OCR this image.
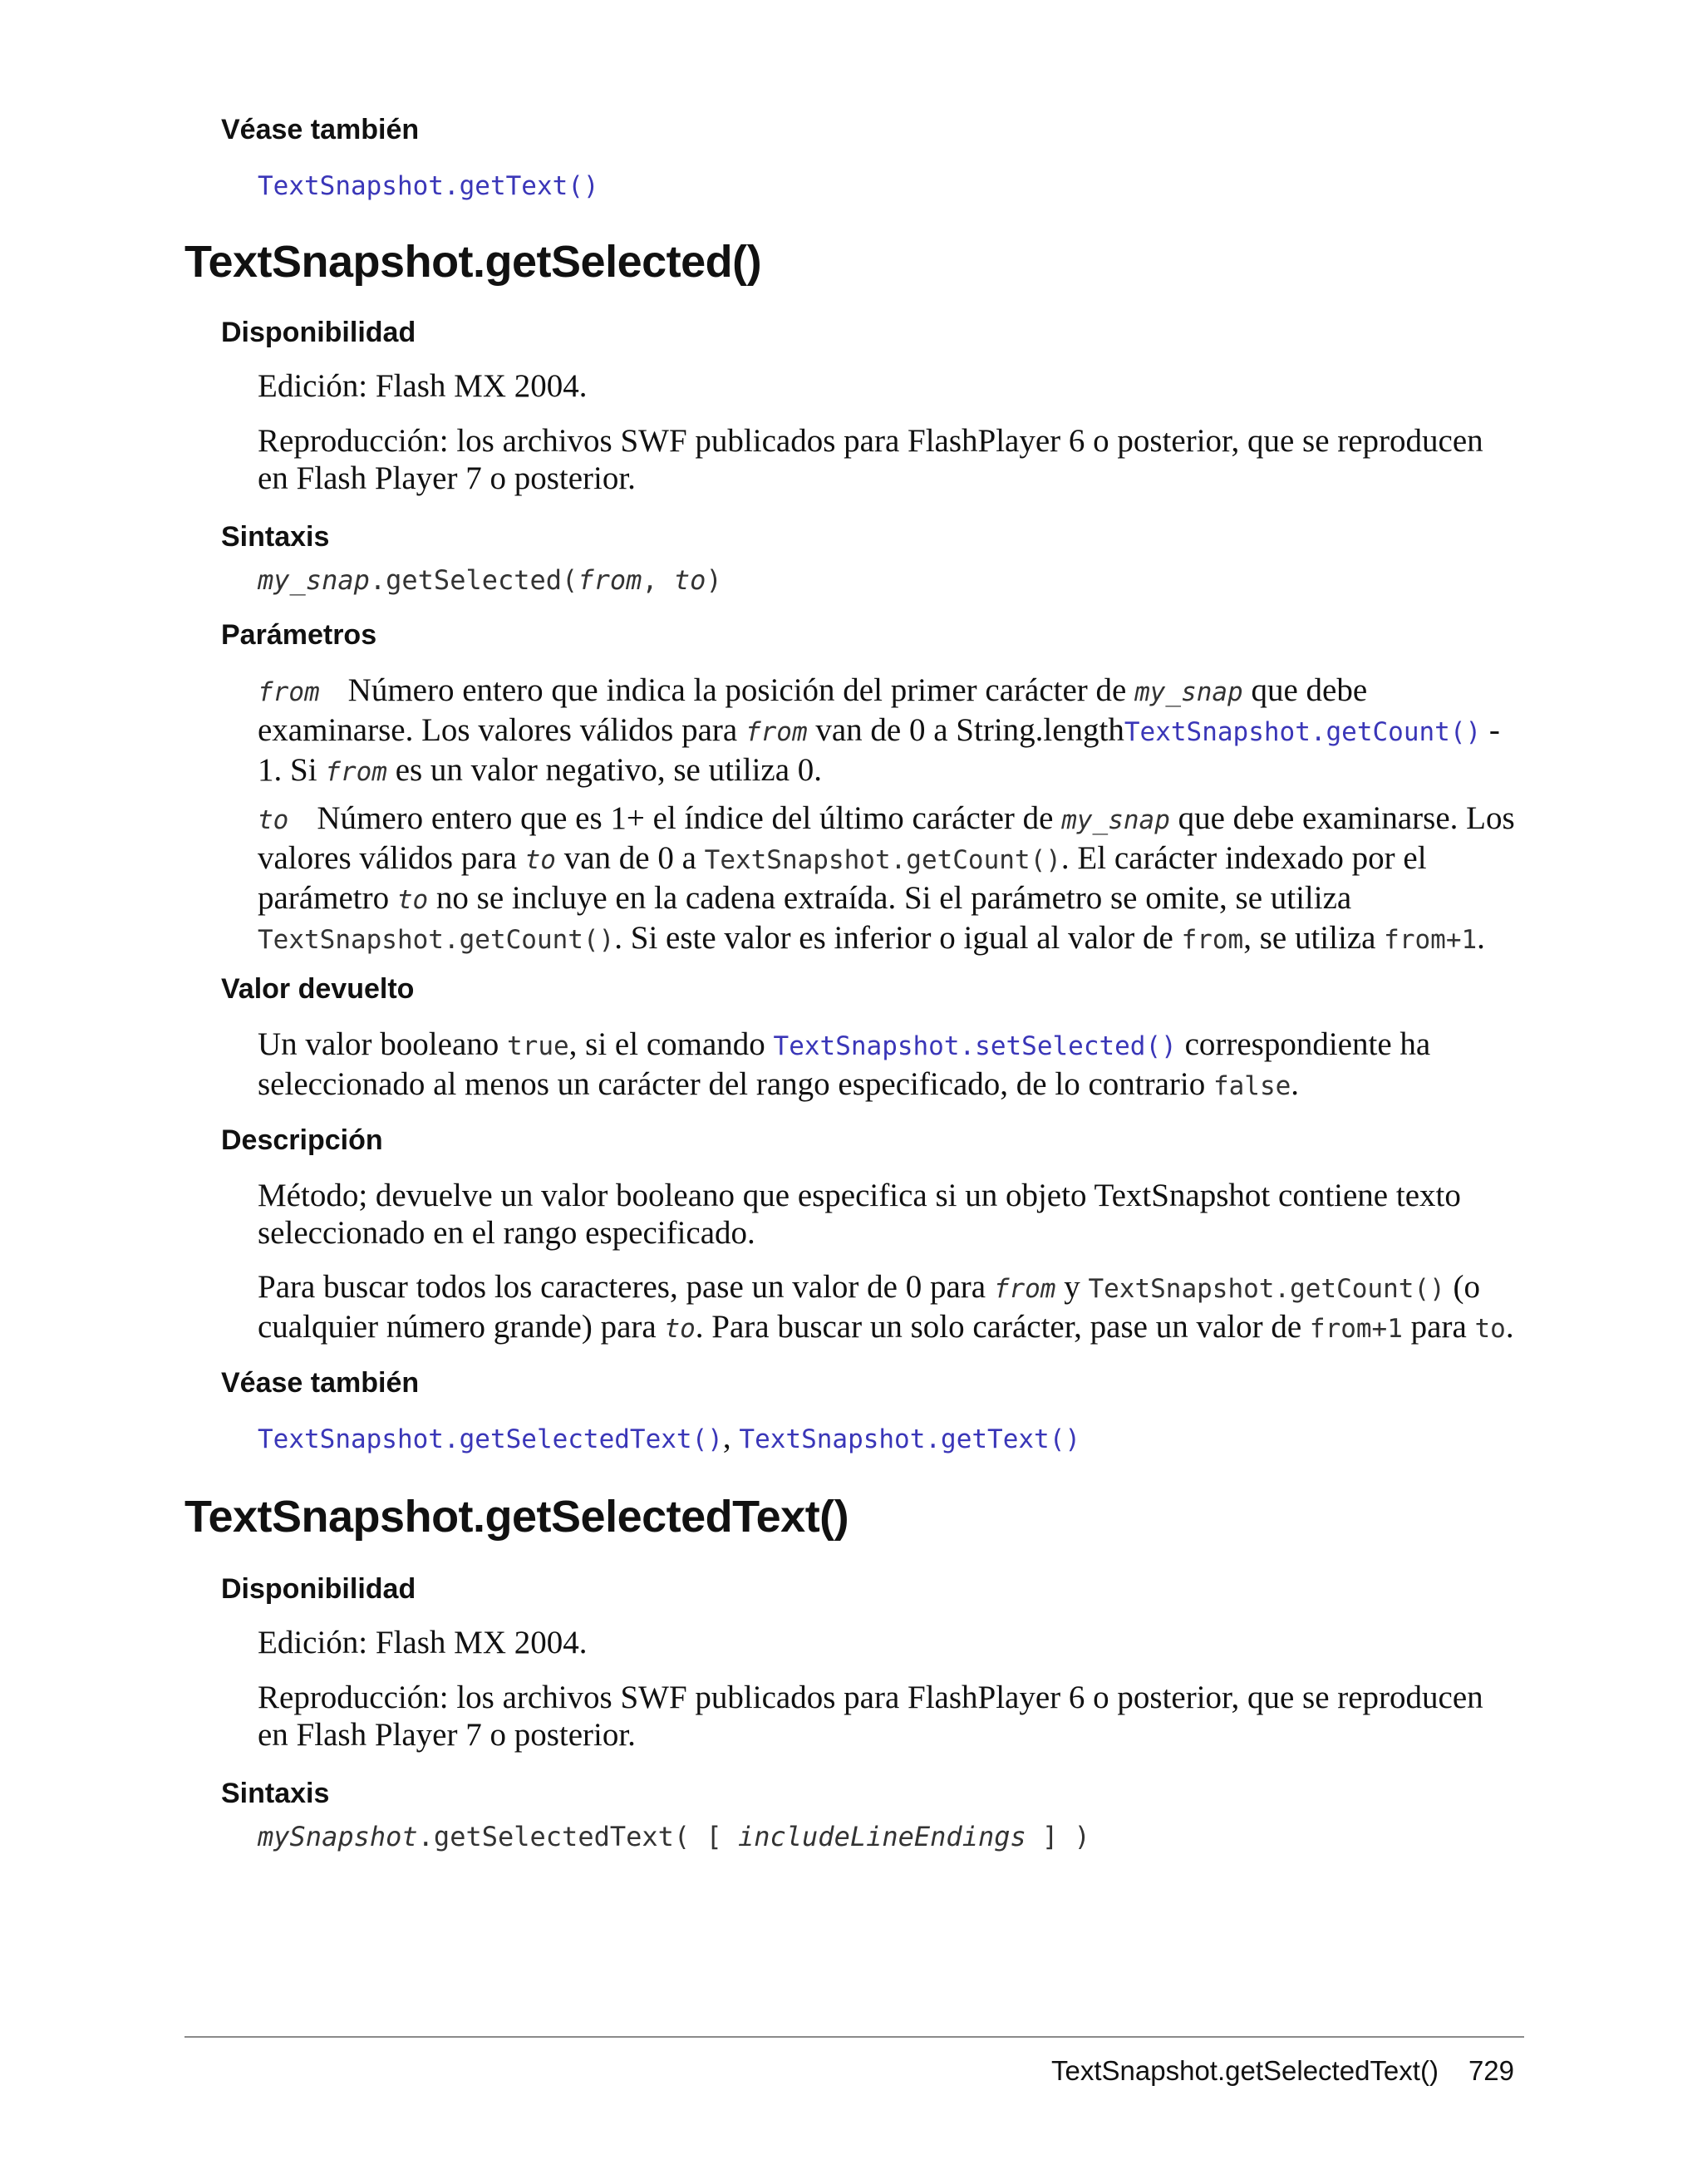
Véase también
TextSnapshot.getText()
TextSnapshot.getSelected()
Disponibilidad
Edición: Flash MX 2004.
Reproducción: los archivos SWF publicados para FlashPlayer 6 o posterior, que se reproducen en Flash Player 7 o posterior.
Sintaxis
my_snap.getSelected(from, to)
Parámetros
from Número entero que indica la posición del primer carácter de my_snap que debe examinarse. Los valores válidos para from van de 0 a String.lengthTextSnapshot.getCount() - 1. Si from es un valor negativo, se utiliza 0.
to Número entero que es 1+ el índice del último carácter de my_snap que debe examinarse. Los valores válidos para to van de 0 a TextSnapshot.getCount(). El carácter indexado por el parámetro to no se incluye en la cadena extraída. Si el parámetro se omite, se utiliza TextSnapshot.getCount(). Si este valor es inferior o igual al valor de from, se utiliza from+1.
Valor devuelto
Un valor booleano true, si el comando TextSnapshot.setSelected() correspondiente ha seleccionado al menos un carácter del rango especificado, de lo contrario false.
Descripción
Método; devuelve un valor booleano que especifica si un objeto TextSnapshot contiene texto seleccionado en el rango especificado.
Para buscar todos los caracteres, pase un valor de 0 para from y TextSnapshot.getCount() (o cualquier número grande) para to. Para buscar un solo carácter, pase un valor de from+1 para to.
Véase también
TextSnapshot.getSelectedText(), TextSnapshot.getText()
TextSnapshot.getSelectedText()
Disponibilidad
Edición: Flash MX 2004.
Reproducción: los archivos SWF publicados para FlashPlayer 6 o posterior, que se reproducen en Flash Player 7 o posterior.
Sintaxis
mySnapshot.getSelectedText( [ includeLineEndings ] )
TextSnapshot.getSelectedText() 729
